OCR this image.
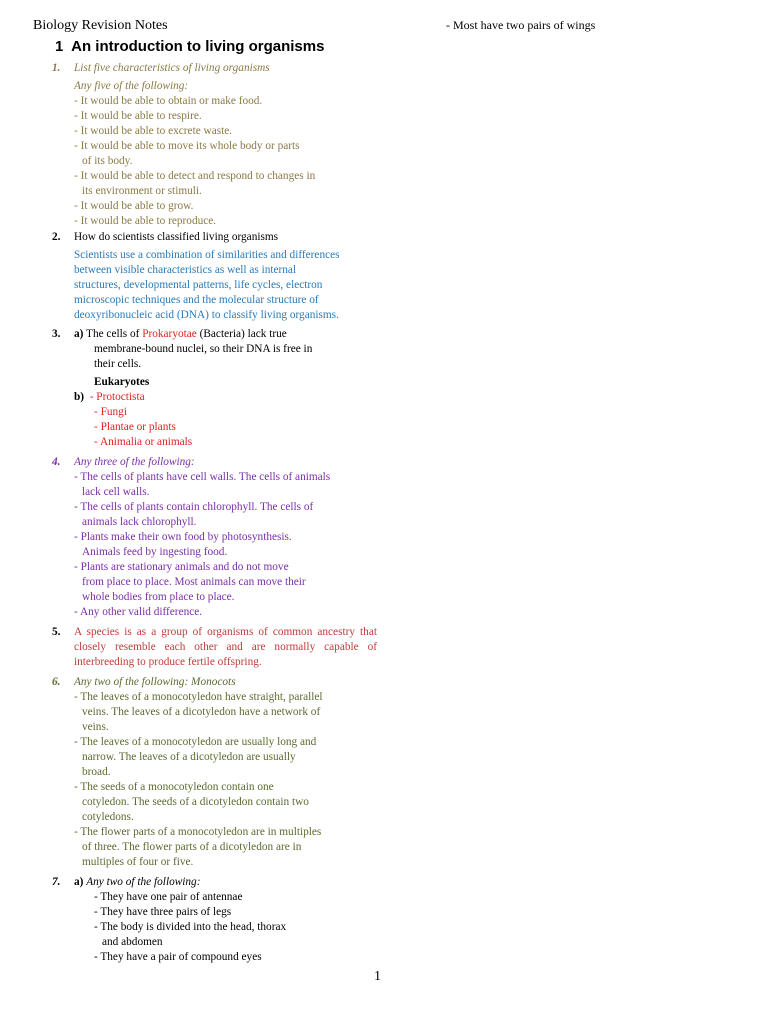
Biology Revision Notes	- Most have two pairs of wings
1 An introduction to living organisms
1. List five characteristics of living organisms
Any five of the following:
- It would be able to obtain or make food.
- It would be able to respire.
- It would be able to excrete waste.
- It would be able to move its whole body or parts
of its body.
- It would be able to detect and respond to changes in
its environment or stimuli.
- It would be able to grow.
- It would be able to reproduce.
2. How do scientists classified living organisms
Scientists use a combination of similarities and differences
between visible characteristics as well as internal
structures, developmental patterns, life cycles, electron
microscopic techniques and the molecular structure of
deoxyribonucleic acid (DNA) to classify living organisms.
3. a) The cells of Prokaryotae (Bacteria) lack true
membrane-bound nuclei, so their DNA is free in
their cells.
Eukaryotes
b) - Protoctista
- Fungi
- Plantae or plants
- Animalia or animals
4. Any three of the following:
- The cells of plants have cell walls. The cells of animals
lack cell walls.
- The cells of plants contain chlorophyll. The cells of
animals lack chlorophyll.
- Plants make their own food by photosynthesis.
Animals feed by ingesting food.
- Plants are stationary animals and do not move
from place to place. Most animals can move their
whole bodies from place to place.
- Any other valid difference.
5. A species is as a group of organisms of common ancestry that closely resemble each other and are normally capable of interbreeding to produce fertile offspring.
6. Any two of the following: Monocots
- The leaves of a monocotyledon have straight, parallel
veins. The leaves of a dicotyledon have a network of
veins.
- The leaves of a monocotyledon are usually long and
narrow. The leaves of a dicotyledon are usually
broad.
- The seeds of a monocotyledon contain one
cotyledon. The seeds of a dicotyledon contain two
cotyledons.
- The flower parts of a monocotyledon are in multiples
of three. The flower parts of a dicotyledon are in
multiples of four or five.
7. a) Any two of the following:
- They have one pair of antennae
- They have three pairs of legs
- The body is divided into the head, thorax
and abdomen
- They have a pair of compound eyes
1
